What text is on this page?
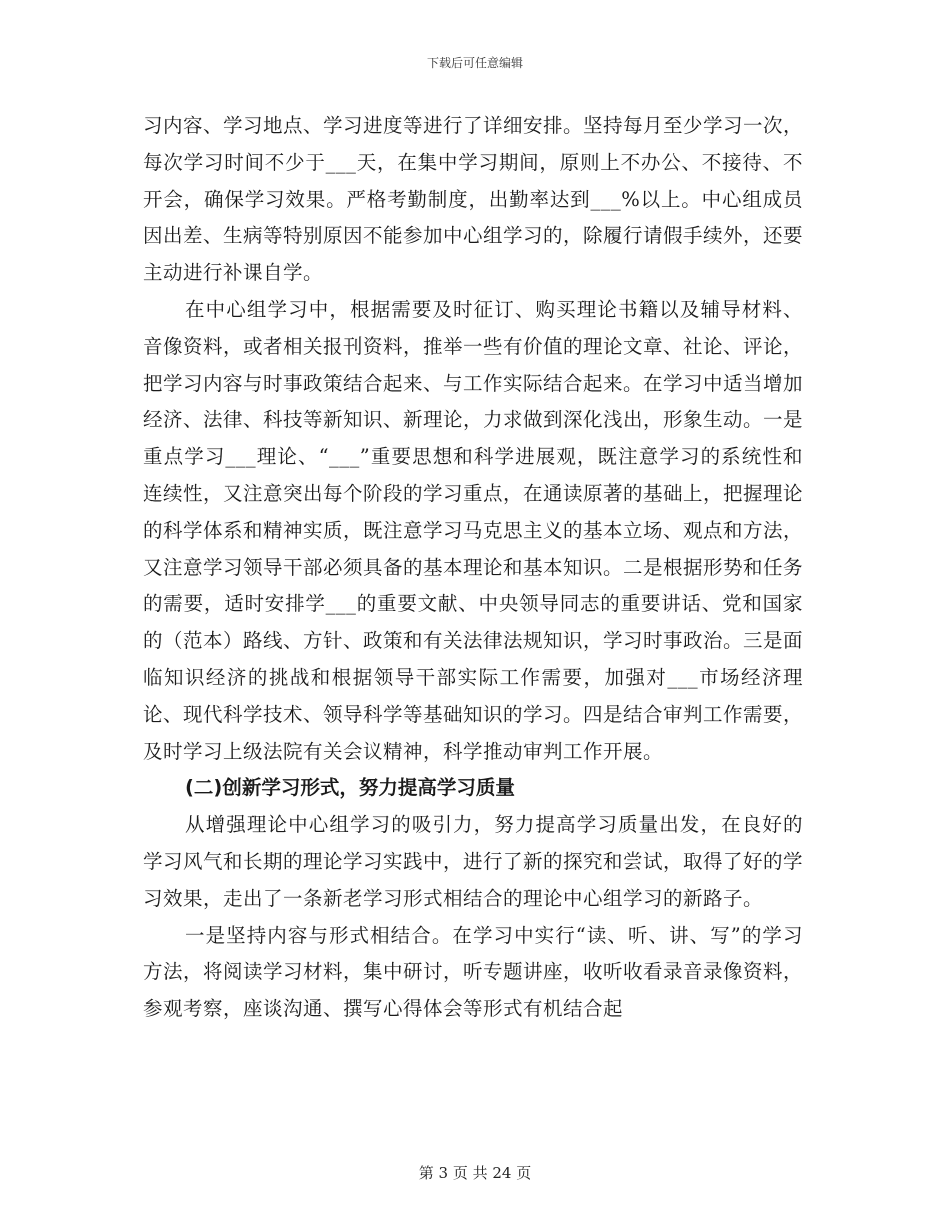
下载后可任意编辑

习内容、学习地点、学习进度等进行了详细安排。坚持每月至少学习一次，每次学习时间不少于___天，在集中学习期间，原则上不办公、不接待、不开会，确保学习效果。严格考勤制度，出勤率达到___%以上。中心组成员因出差、生病等特别原因不能参加中心组学习的，除履行请假手续外，还要主动进行补课自学。

在中心组学习中，根据需要及时征订、购买理论书籍以及辅导材料、音像资料，或者相关报刊资料，推举一些有价值的理论文章、社论、评论，把学习内容与时事政策结合起来、与工作实际结合起来。在学习中适当增加经济、法律、科技等新知识、新理论，力求做到深化浅出，形象生动。一是重点学习___理论、“___”重要思想和科学进展观，既注意学习的系统性和连续性，又注意突出每个阶段的学习重点，在通读原著的基础上，把握理论的科学体系和精神实质，既注意学习马克思主义的基本立场、观点和方法，又注意学习领导干部必须具备的基本理论和基本知识。二是根据形势和任务的需要，适时安排学___的重要文献、中央领导同志的重要讲话、党和国家的（范本）路线、方针、政策和有关法律法规知识，学习时事政治。三是面临知识经济的挑战和根据领导干部实际工作需要，加强对___市场经济理论、现代科学技术、领导科学等基础知识的学习。四是结合审判工作需要，及时学习上级法院有关会议精神，科学推动审判工作开展。

(二)创新学习形式，努力提高学习质量

从增强理论中心组学习的吸引力，努力提高学习质量出发，在良好的学习风气和长期的理论学习实践中，进行了新的探究和尝试，取得了好的学习效果，走出了一条新老学习形式相结合的理论中心组学习的新路子。

一是坚持内容与形式相结合。在学习中实行“读、听、讲、写”的学习方法，将阅读学习材料，集中研讨，听专题讲座，收听收看录音录像资料，参观考察，座谈沟通、撰写心得体会等形式有机结合起

第 3 页 共 24 页
